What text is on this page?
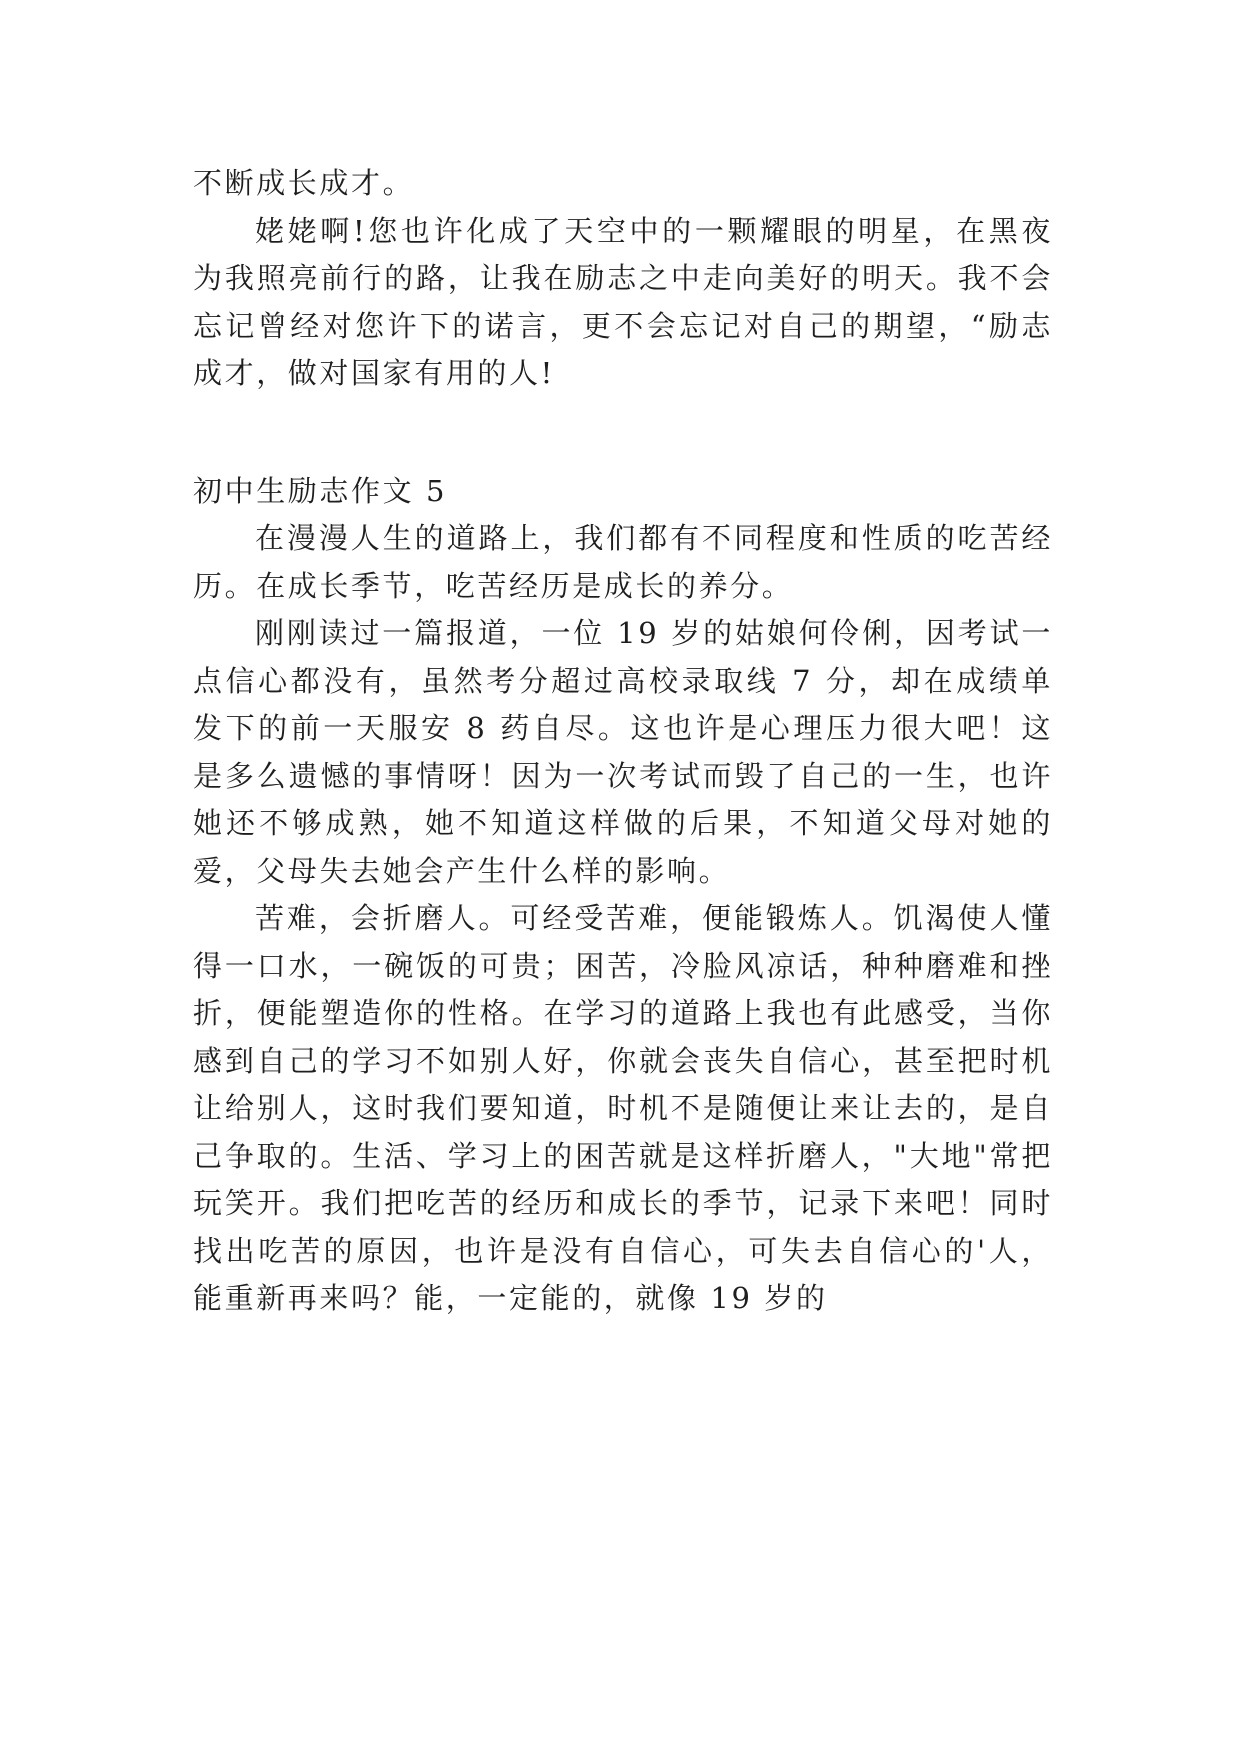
不断成长成才。

姥姥啊!您也许化成了天空中的一颗耀眼的明星，在黑夜为我照亮前行的路，让我在励志之中走向美好的明天。我不会忘记曾经对您许下的诺言，更不会忘记对自己的期望，“励志成才，做对国家有用的人!

初中生励志作文 5

在漫漫人生的道路上，我们都有不同程度和性质的吃苦经历。在成长季节，吃苦经历是成长的养分。

刚刚读过一篇报道，一位 19 岁的姑娘何伶俐，因考试一点信心都没有，虽然考分超过高校录取线 7 分，却在成绩单发下的前一天服安 8 药自尽。这也许是心理压力很大吧！这是多么遗憾的事情呀！因为一次考试而毁了自己的一生，也许她还不够成熟，她不知道这样做的后果，不知道父母对她的爱，父母失去她会产生什么样的影响。

苦难，会折磨人。可经受苦难，便能锻炼人。饥渴使人懂得一口水，一碗饭的可贵；困苦，冷脸风凉话，种种磨难和挫折，便能塑造你的性格。在学习的道路上我也有此感受，当你感到自己的学习不如别人好，你就会丧失自信心，甚至把时机让给别人，这时我们要知道，时机不是随便让来让去的，是自己争取的。生活、学习上的困苦就是这样折磨人，"大地"常把玩笑开。我们把吃苦的经历和成长的季节，记录下来吧！同时找出吃苦的原因，也许是没有自信心，可失去自信心的'人，能重新再来吗？能，一定能的，就像 19 岁的
